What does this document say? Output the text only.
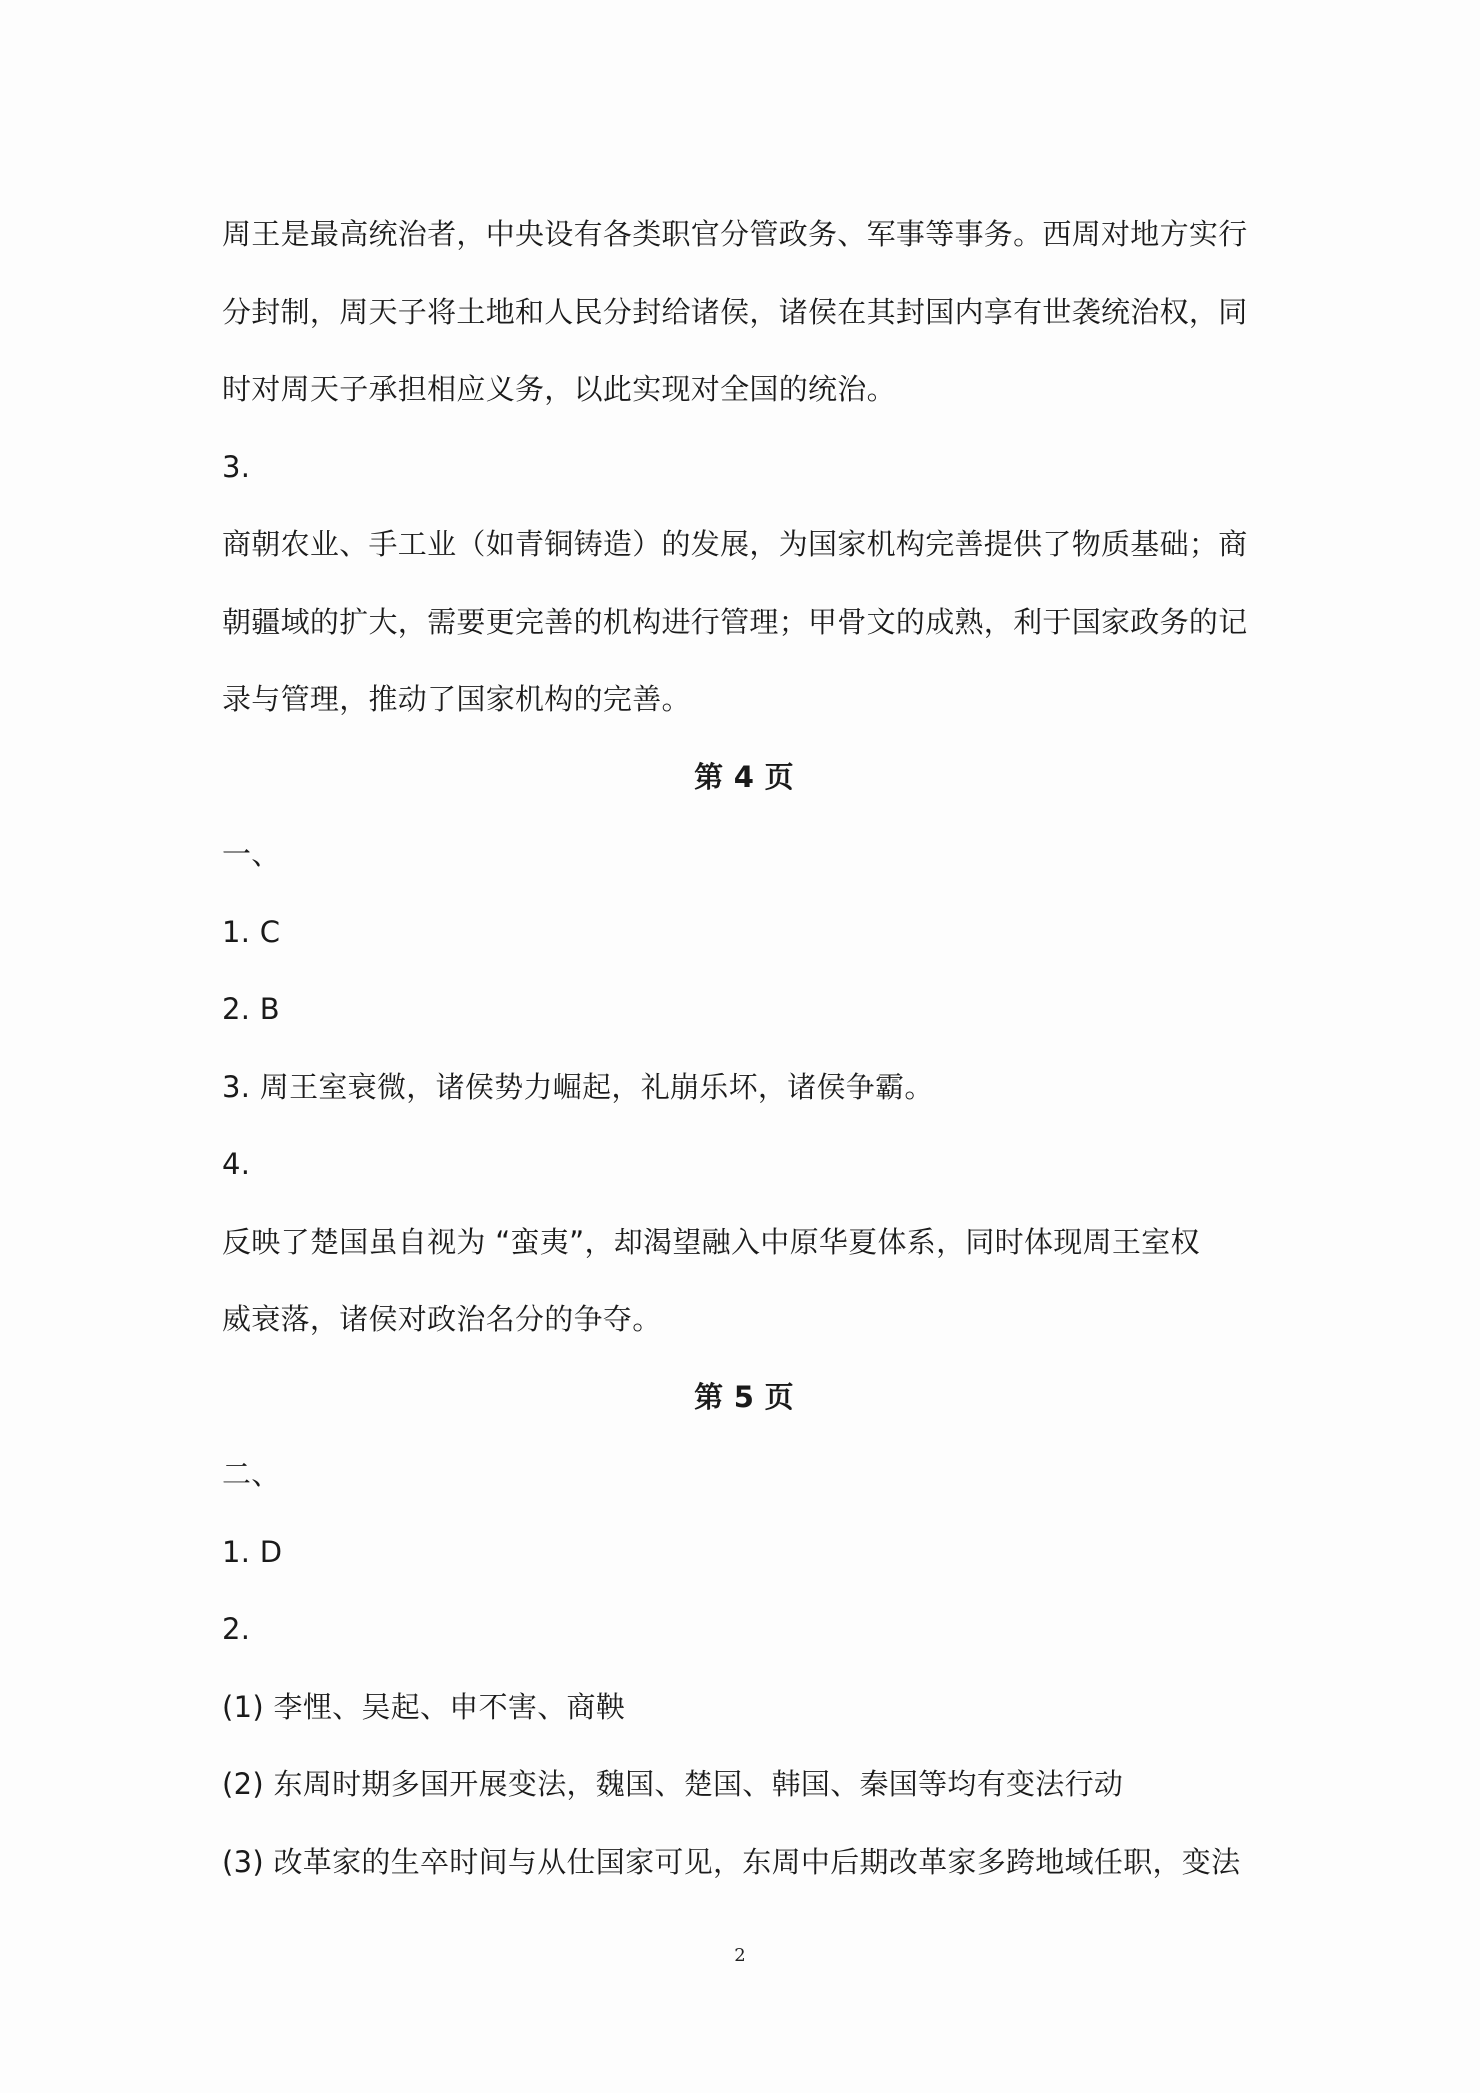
周王是最高统治者，中央设有各类职官分管政务、军事等事务。西周对地方实行
分封制，周天子将土地和人民分封给诸侯，诸侯在其封国内享有世袭统治权，同
时对周天子承担相应义务，以此实现对全国的统治。
3.
商朝农业、手工业（如青铜铸造）的发展，为国家机构完善提供了物质基础；商
朝疆域的扩大，需要更完善的机构进行管理；甲骨文的成熟，利于国家政务的记
录与管理，推动了国家机构的完善。
第 4 页
一、
1. C
2. B
3. 周王室衰微，诸侯势力崛起，礼崩乐坏，诸侯争霸。
4.
反映了楚国虽自视为 “蛮夷”，却渴望融入中原华夏体系，同时体现周王室权
威衰落，诸侯对政治名分的争夺。
第 5 页
二、
1. D
2.
(1) 李悝、吴起、申不害、商鞅
(2) 东周时期多国开展变法，魏国、楚国、韩国、秦国等均有变法行动
(3) 改革家的生卒时间与从仕国家可见，东周中后期改革家多跨地域任职，变法
2
